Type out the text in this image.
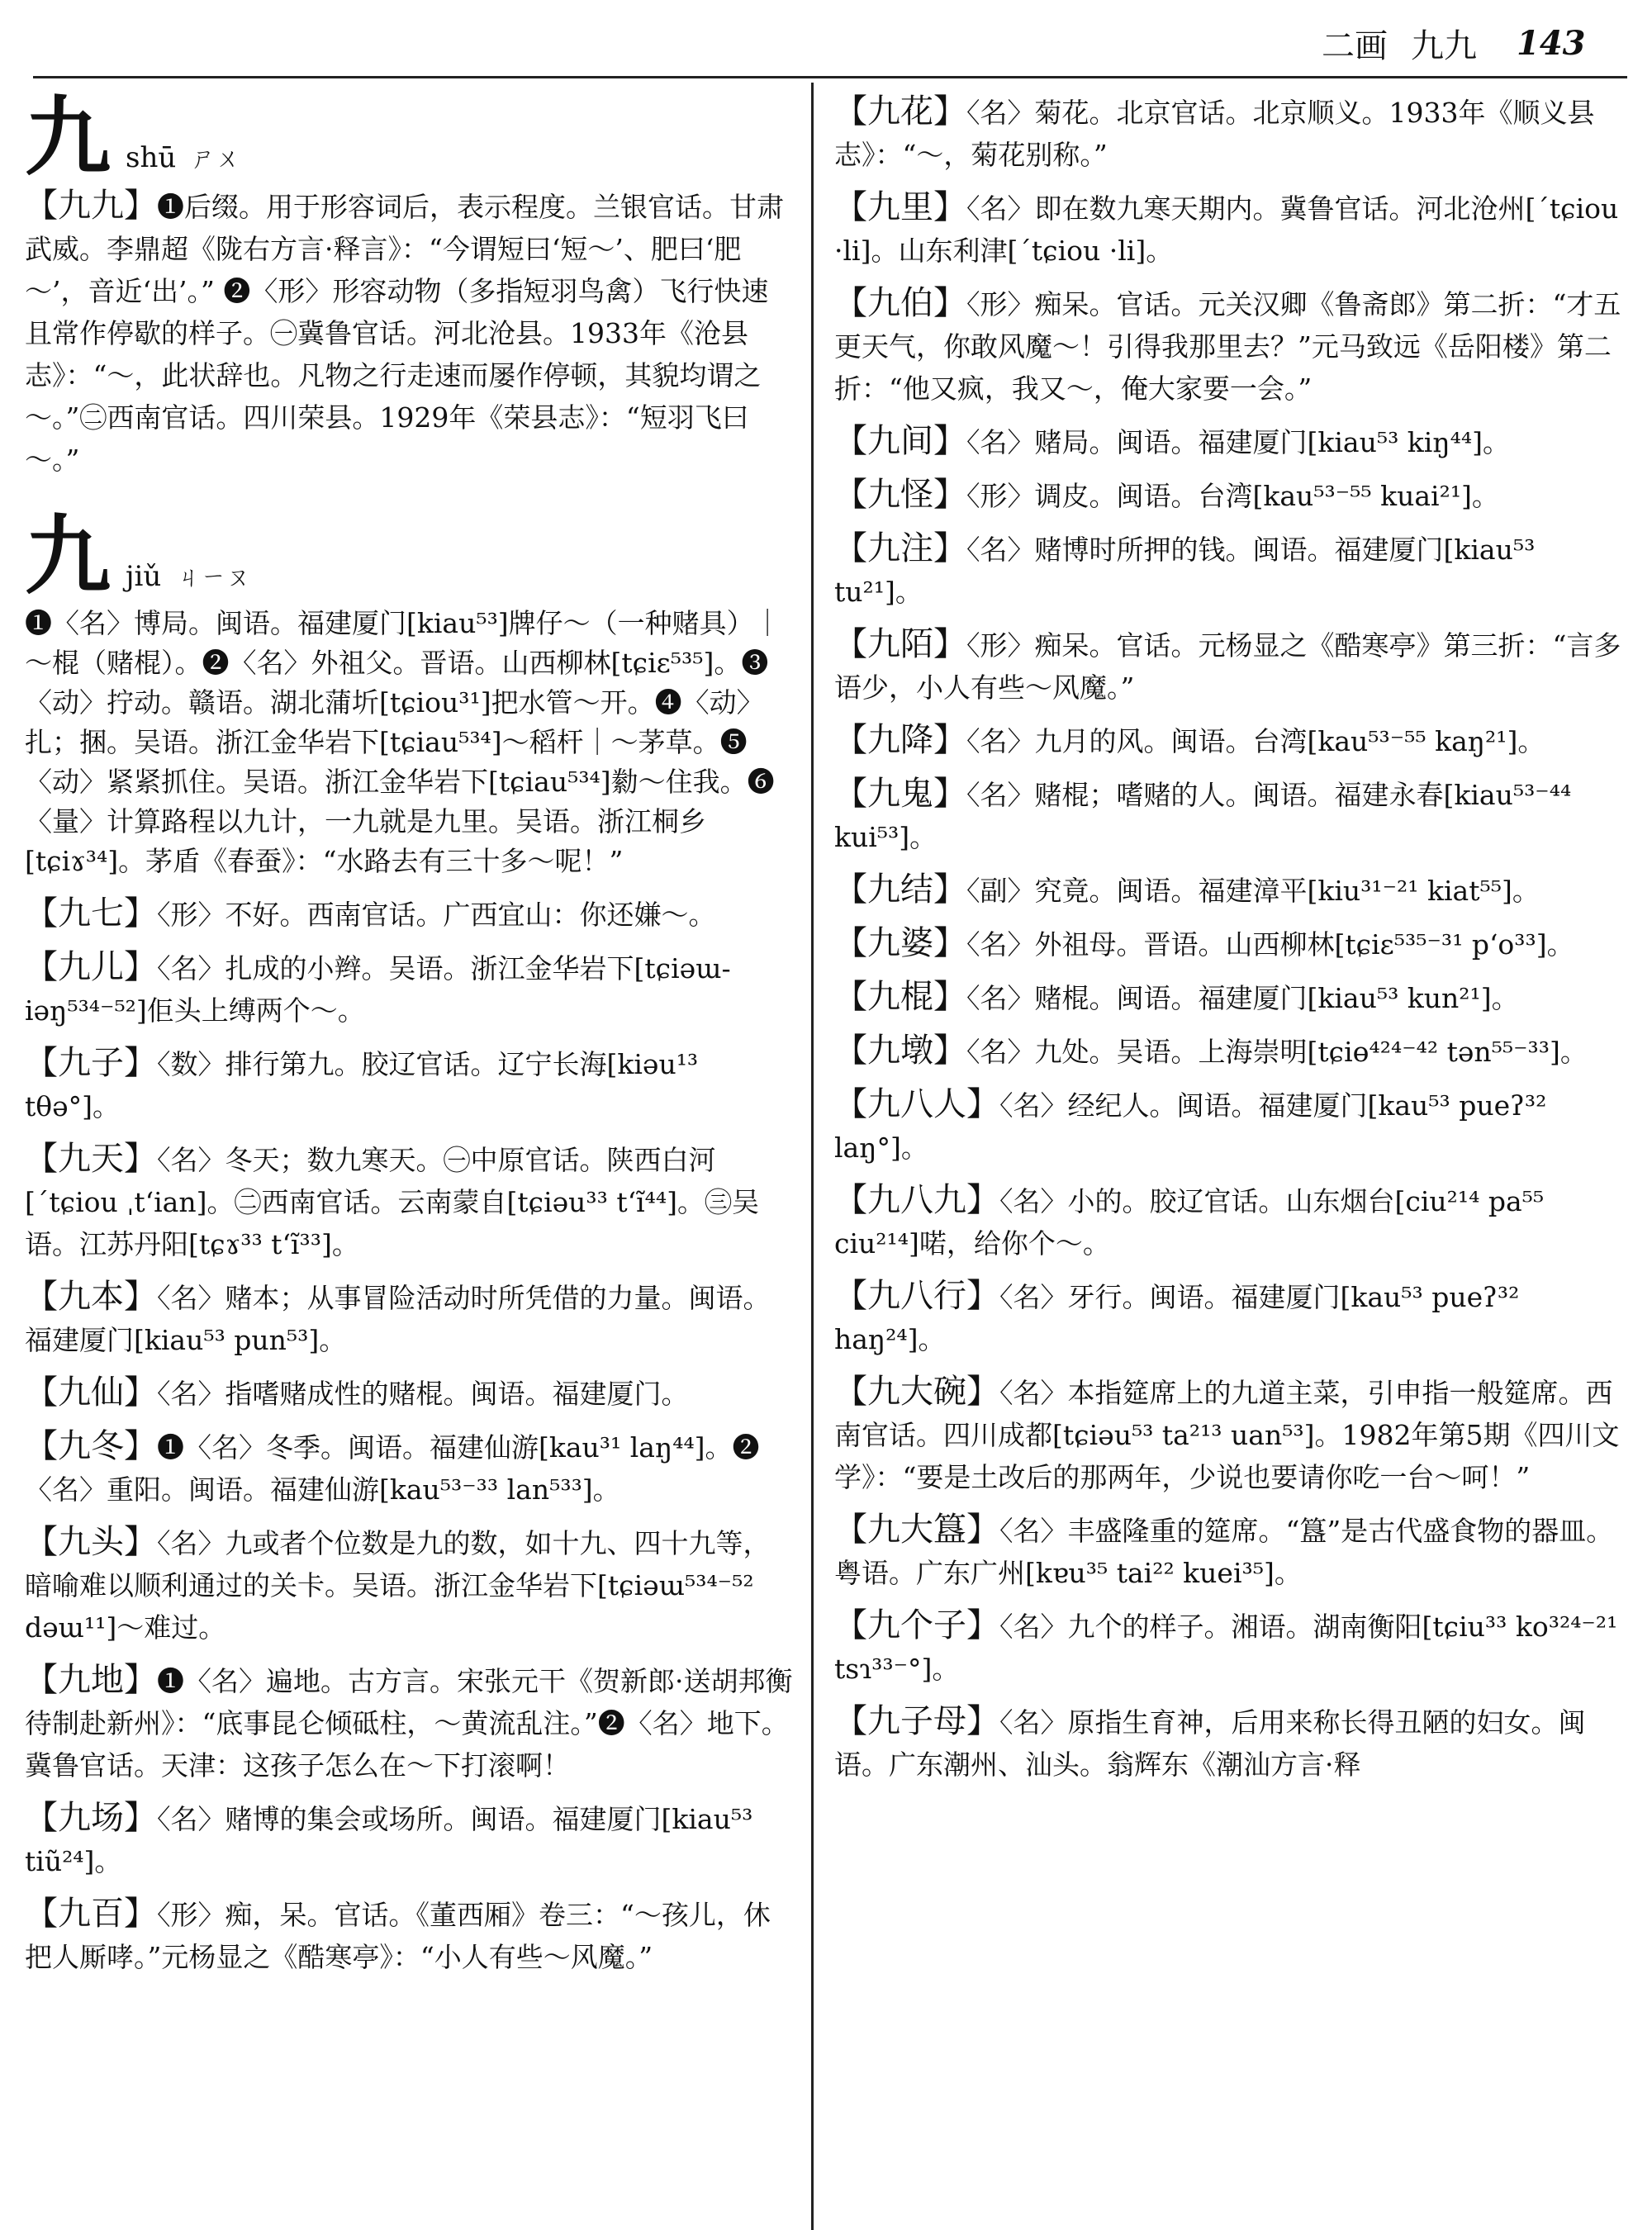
二画 九九 143
九 shū ㄕㄨ
【九九】❶后缀。用于形容词后，表示程度。兰银官话。甘肃武威。李鼎超《陇右方言·释言》：“今谓短曰‘短～’、肥曰‘肥～’，音近‘出’。” ❷〈形〉形容动物（多指短羽鸟禽）飞行快速且常作停歇的样子。㊀冀鲁官话。河北沧县。1933年《沧县志》：“～，此状辞也。凡物之行走速而屡作停顿，其貌均谓之～。”㊁西南官话。四川荣县。1929年《荣县志》：“短羽飞曰～。”
九 jiǔ ㄐㄧㄡ
❶〈名〉博局。闽语。福建厦门[kiau⁵³]牌仔～（一种赌具）｜～棍（赌棍）。❷〈名〉外祖父。晋语。山西柳林[tɕiɛ⁵³⁵]。❸〈动〉拧动。赣语。湖北蒲圻[tɕiou³¹]把水管～开。❹〈动〉扎；捆。吴语。浙江金华岩下[tɕiau⁵³⁴]～稻杆｜～茅草。❺〈动〉紧紧抓住。吴语。浙江金华岩下[tɕiau⁵³⁴]勬～住我。❻〈量〉计算路程以九计，一九就是九里。吴语。浙江桐乡[tɕiɤ³⁴]。茅盾《春蚕》：“水路去有三十多～呢！”
【九七】〈形〉不好。西南官话。广西宜山：你还嫌～。
【九儿】〈名〉扎成的小辫。吴语。浙江金华岩下[tɕiəɯ-iəŋ⁵³⁴⁻⁵²]佢头上缚两个～。
【九子】〈数〉排行第九。胶辽官话。辽宁长海[kiəu¹³ tθə°]。
【九天】〈名〉冬天；数九寒天。㊀中原官话。陕西白河[ˊtɕiou ˌtʻian]。㊁西南官话。云南蒙自[tɕiəu³³ tʻĩ⁴⁴]。㊂吴语。江苏丹阳[tɕɤ³³ tʻĩ³³]。
【九本】〈名〉赌本；从事冒险活动时所凭借的力量。闽语。福建厦门[kiau⁵³ pun⁵³]。
【九仙】〈名〉指嗜赌成性的赌棍。闽语。福建厦门。
【九冬】❶〈名〉冬季。闽语。福建仙游[kau³¹ laŋ⁴⁴]。❷〈名〉重阳。闽语。福建仙游[kau⁵³⁻³³ lan⁵³³]。
【九头】〈名〉九或者个位数是九的数，如十九、四十九等，暗喻难以顺利通过的关卡。吴语。浙江金华岩下[tɕiəɯ⁵³⁴⁻⁵² dəɯ¹¹]～难过。
【九地】❶〈名〉遍地。古方言。宋张元干《贺新郎·送胡邦衡待制赴新州》：“底事昆仑倾砥柱，～黄流乱注。”❷〈名〉地下。冀鲁官话。天津：这孩子怎么在～下打滚啊！
【九场】〈名〉赌博的集会或场所。闽语。福建厦门[kiau⁵³ tiũ²⁴]。
【九百】〈形〉痴，呆。官话。《董西厢》卷三：“～孩儿，休把人厮哮。”元杨显之《酷寒亭》：“小人有些～风魔。”
【九花】〈名〉菊花。北京官话。北京顺义。1933年《顺义县志》：“～，菊花别称。”
【九里】〈名〉即在数九寒天期内。冀鲁官话。河北沧州[ˊtɕiou ·li]。山东利津[ˊtɕiou ·li]。
【九伯】〈形〉痴呆。官话。元关汉卿《鲁斋郎》第二折：“才五更天气，你敢风魔～！引得我那里去？”元马致远《岳阳楼》第二折：“他又疯，我又～，俺大家要一会。”
【九间】〈名〉赌局。闽语。福建厦门[kiau⁵³ kiŋ⁴⁴]。
【九怪】〈形〉调皮。闽语。台湾[kau⁵³⁻⁵⁵ kuai²¹]。
【九注】〈名〉赌博时所押的钱。闽语。福建厦门[kiau⁵³ tu²¹]。
【九陌】〈形〉痴呆。官话。元杨显之《酷寒亭》第三折：“言多语少，小人有些～风魔。”
【九降】〈名〉九月的风。闽语。台湾[kau⁵³⁻⁵⁵ kaŋ²¹]。
【九鬼】〈名〉赌棍；嗜赌的人。闽语。福建永春[kiau⁵³⁻⁴⁴ kui⁵³]。
【九结】〈副〉究竟。闽语。福建漳平[kiu³¹⁻²¹ kiat⁵⁵]。
【九婆】〈名〉外祖母。晋语。山西柳林[tɕiɛ⁵³⁵⁻³¹ pʻo³³]。
【九棍】〈名〉赌棍。闽语。福建厦门[kiau⁵³ kun²¹]。
【九墩】〈名〉九处。吴语。上海崇明[tɕiɵ⁴²⁴⁻⁴² tən⁵⁵⁻³³]。
【九八人】〈名〉经纪人。闽语。福建厦门[kau⁵³ pueʔ³² laŋ°]。
【九八九】〈名〉小的。胶辽官话。山东烟台[ciu²¹⁴ pa⁵⁵ ciu²¹⁴]喏，给你个～。
【九八行】〈名〉牙行。闽语。福建厦门[kau⁵³ pueʔ³² haŋ²⁴]。
【九大碗】〈名〉本指筵席上的九道主菜，引申指一般筵席。西南官话。四川成都[tɕiəu⁵³ ta²¹³ uan⁵³]。1982年第5期《四川文学》：“要是土改后的那两年，少说也要请你吃一台～呵！”
【九大簋】〈名〉丰盛隆重的筵席。“簋”是古代盛食物的器皿。粤语。广东广州[kɐu³⁵ tai²² kuei³⁵]。
【九个子】〈名〉九个的样子。湘语。湖南衡阳[tɕiu³³ ko³²⁴⁻²¹ tsɿ³³⁻°]。
【九子母】〈名〉原指生育神，后用来称长得丑陋的妇女。闽语。广东潮州、汕头。翁辉东《潮汕方言·释
